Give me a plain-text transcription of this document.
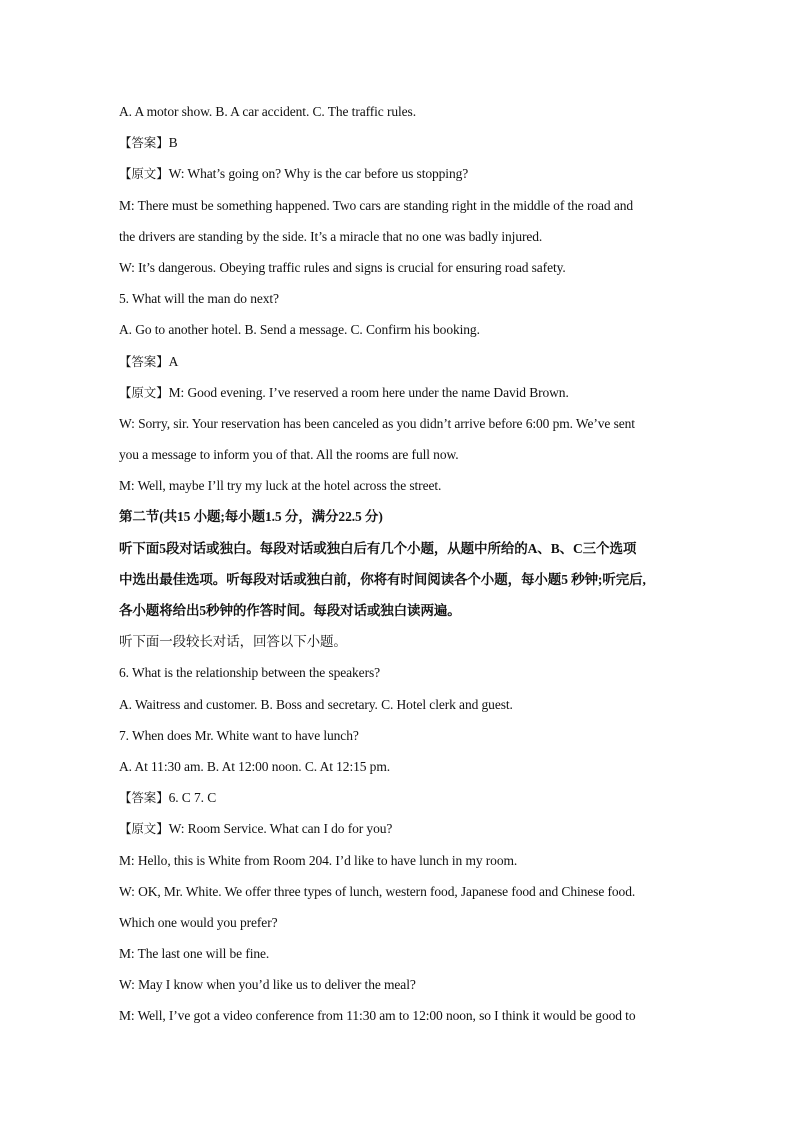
A. A motor show. B. A car accident. C. The traffic rules.
【答案】B
【原文】W: What’s going on? Why is the car before us stopping?
M: There must be something happened. Two cars are standing right in the middle of the road and
the drivers are standing by the side. It’s a miracle that no one was badly injured.
W: It’s dangerous. Obeying traffic rules and signs is crucial for ensuring road safety.
5. What will the man do next?
A. Go to another hotel. B. Send a message. C. Confirm his booking.
【答案】A
【原文】M: Good evening. I’ve reserved a room here under the name David Brown.
W: Sorry, sir. Your reservation has been canceled as you didn’t arrive before 6:00 pm. We’ve sent
you a message to inform you of that. All the rooms are full now.
M: Well, maybe I’ll try my luck at the hotel across the street.
第二节(共15 小题;每小题1.5 分，满分22.5 分)
听下面5段对话或独白。每段对话或独白后有几个小题，从题中所给的A、B、C三个选项
中选出最佳选项。听每段对话或独白前，你将有时间阅读各个小题，每小题5 秒钟;听完后,
各小题将给出5秒钟的作答时间。每段对话或独白读两遍。
听下面一段较长对话，回答以下小题。
6. What is the relationship between the speakers?
A. Waitress and customer. B. Boss and secretary. C. Hotel clerk and guest.
7. When does Mr. White want to have lunch?
A. At 11:30 am. B. At 12:00 noon. C. At 12:15 pm.
【答案】6. C 7. C
【原文】W: Room Service. What can I do for you?
M: Hello, this is White from Room 204. I’d like to have lunch in my room.
W: OK, Mr. White. We offer three types of lunch, western food, Japanese food and Chinese food.
Which one would you prefer?
M: The last one will be fine.
W: May I know when you’d like us to deliver the meal?
M: Well, I’ve got a video conference from 11:30 am to 12:00 noon, so I think it would be good to
